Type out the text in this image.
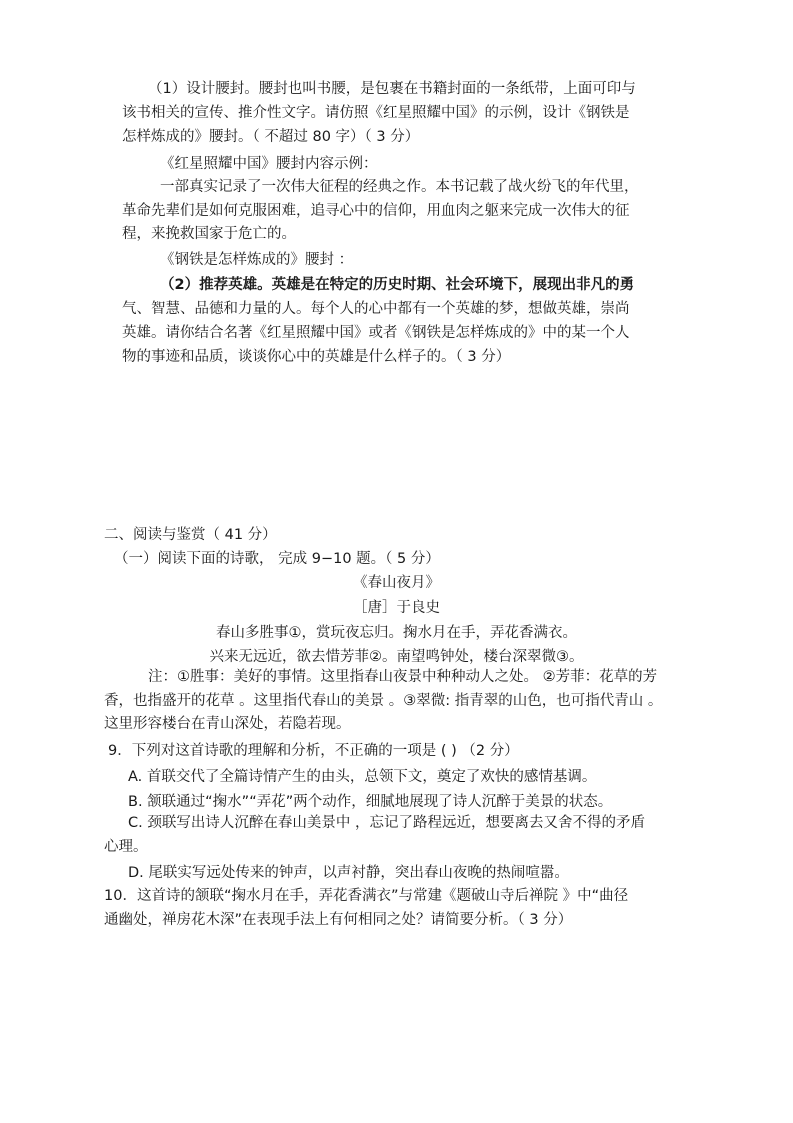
（1）设计腰封。腰封也叫书腰，是包裹在书籍封面的一条纸带，上面可印与
该书相关的宣传、推介性文字。请仿照《红星照耀中国》的示例，设计《钢铁是
怎样炼成的》腰封。（ 不超过 80 字）（ 3 分）
《红星照耀中国》腰封内容示例：
一部真实记录了一次伟大征程的经典之作。本书记载了战火纷飞的年代里，
革命先辈们是如何克服困难，追寻心中的信仰，用血肉之躯来完成一次伟大的征
程，来挽救国家于危亡的。
《钢铁是怎样炼成的》腰封 ：
（2）推荐英雄。英雄是在特定的历史时期、社会环境下，展现出非凡的勇
气、智慧、品德和力量的人。每个人的心中都有一个英雄的梦，想做英雄，崇尚
英雄。请你结合名著《红星照耀中国》或者《钢铁是怎样炼成的》中的某一个人
物的事迹和品质，谈谈你心中的英雄是什么样子的。（ 3 分）
二、阅读与鉴赏（ 41 分）
（一）阅读下面的诗歌， 完成 9−10 题。（ 5 分）
《春山夜月》
［唐］于良史
春山多胜事①，赏玩夜忘归。掬水月在手，弄花香满衣。
兴来无远近，欲去惜芳菲②。南望鸣钟处，楼台深翠微③。
注：①胜事：美好的事情。这里指春山夜景中种种动人之处。 ②芳菲：花草的芳
香，也指盛开的花草 。这里指代春山的美景 。③翠微: 指青翠的山色，也可指代青山 。
这里形容楼台在青山深处，若隐若现。
9．下列对这首诗歌的理解和分析，不正确的一项是 ( ) （2 分）
A. 首联交代了全篇诗情产生的由头，总领下文，奠定了欢快的感情基调。
B. 颔联通过“掬水”“弄花”两个动作，细腻地展现了诗人沉醉于美景的状态。
C. 颈联写出诗人沉醉在春山美景中 ，忘记了路程远近，想要离去又舍不得的矛盾
心理。
D. 尾联实写远处传来的钟声，以声衬静，突出春山夜晚的热闹喧嚣。
10．这首诗的颔联“掬水月在手，弄花香满衣”与常建《题破山寺后禅院 》中“曲径
通幽处，禅房花木深”在表现手法上有何相同之处？请简要分析。（ 3 分）
